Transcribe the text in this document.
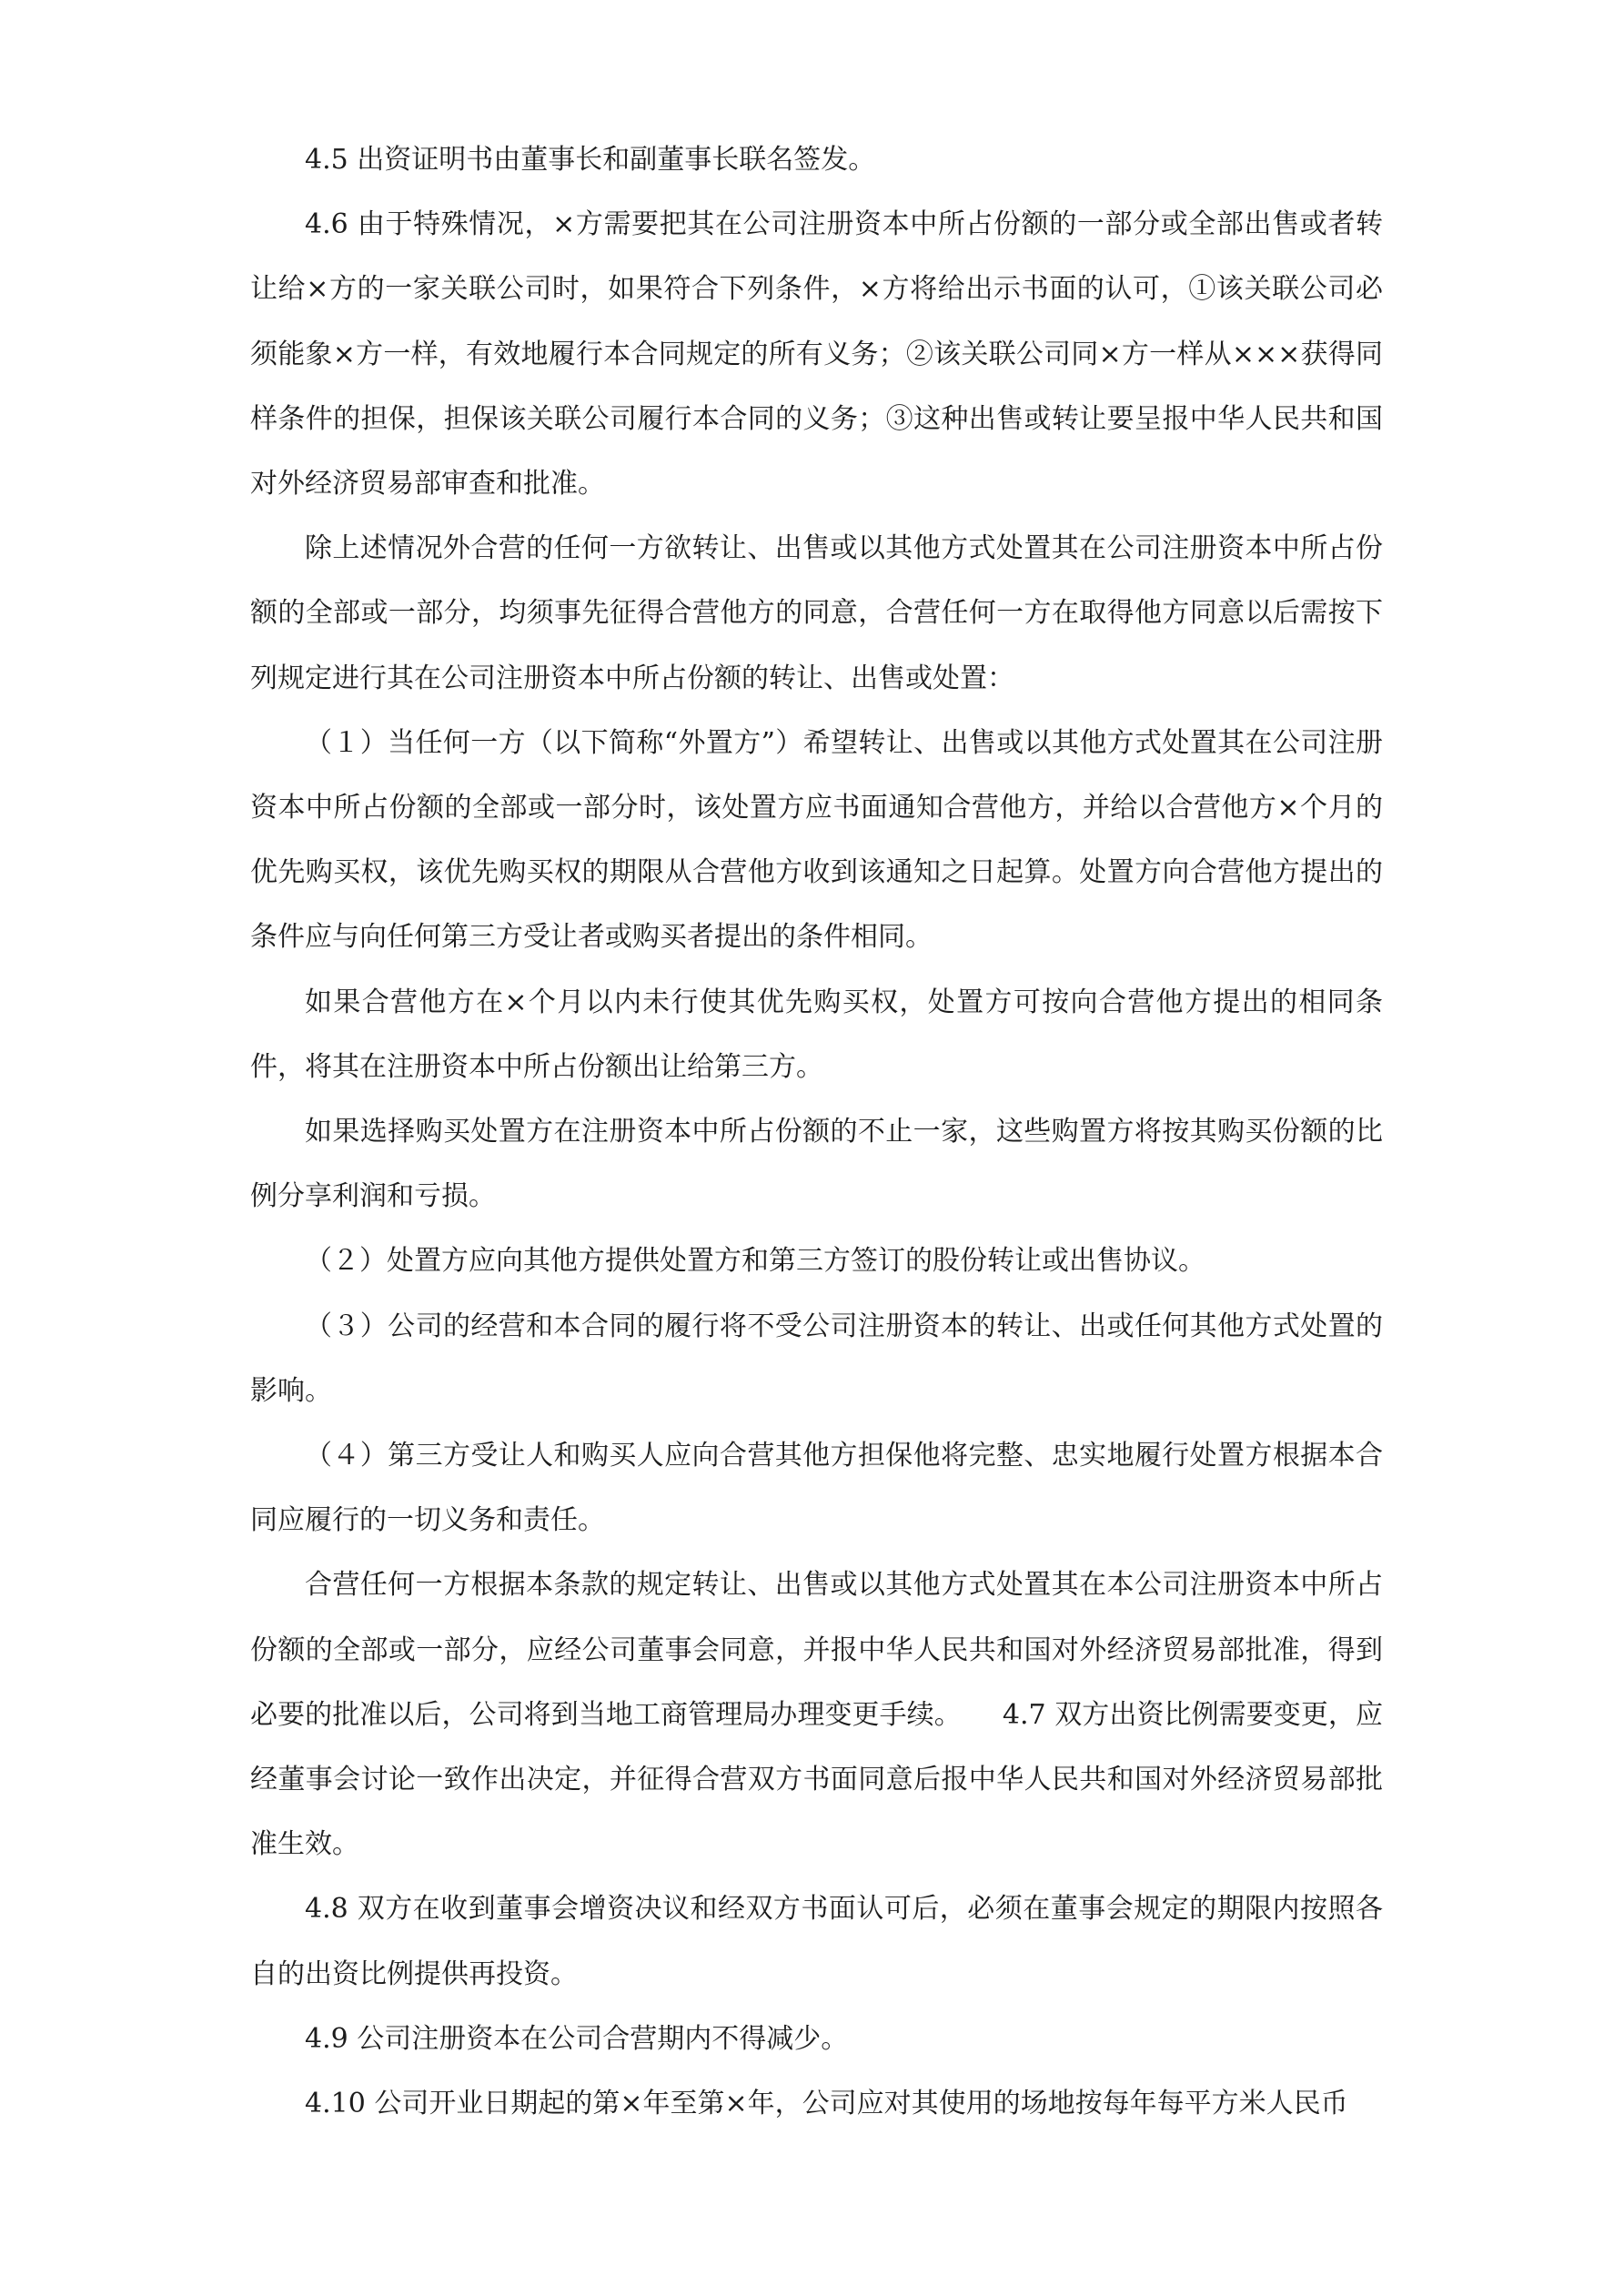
4.5 出资证明书由董事长和副董事长联名签发。

4.6 由于特殊情况，×方需要把其在公司注册资本中所占份额的一部分或全部出售或者转让给×方的一家关联公司时，如果符合下列条件，×方将给出示书面的认可，①该关联公司必须能象×方一样，有效地履行本合同规定的所有义务；②该关联公司同×方一样从×××获得同样条件的担保，担保该关联公司履行本合同的义务；③这种出售或转让要呈报中华人民共和国对外经济贸易部审查和批准。

除上述情况外合营的任何一方欲转让、出售或以其他方式处置其在公司注册资本中所占份额的全部或一部分，均须事先征得合营他方的同意，合营任何一方在取得他方同意以后需按下列规定进行其在公司注册资本中所占份额的转让、出售或处置：

（１）当任何一方（以下简称“外置方”）希望转让、出售或以其他方式处置其在公司注册资本中所占份额的全部或一部分时，该处置方应书面通知合营他方，并给以合营他方×个月的优先购买权，该优先购买权的期限从合营他方收到该通知之日起算。处置方向合营他方提出的条件应与向任何第三方受让者或购买者提出的条件相同。

如果合营他方在×个月以内未行使其优先购买权，处置方可按向合营他方提出的相同条件，将其在注册资本中所占份额出让给第三方。

如果选择购买处置方在注册资本中所占份额的不止一家，这些购置方将按其购买份额的比例分享利润和亏损。

（２）处置方应向其他方提供处置方和第三方签订的股份转让或出售协议。

（３）公司的经营和本合同的履行将不受公司注册资本的转让、出或任何其他方式处置的影响。

（４）第三方受让人和购买人应向合营其他方担保他将完整、忠实地履行处置方根据本合同应履行的一切义务和责任。

合营任何一方根据本条款的规定转让、出售或以其他方式处置其在本公司注册资本中所占份额的全部或一部分，应经公司董事会同意，并报中华人民共和国对外经济贸易部批准，得到必要的批准以后，公司将到当地工商管理局办理变更手续。　　4.7 双方出资比例需要变更，应经董事会讨论一致作出决定，并征得合营双方书面同意后报中华人民共和国对外经济贸易部批准生效。

4.8 双方在收到董事会增资决议和经双方书面认可后，必须在董事会规定的期限内按照各自的出资比例提供再投资。

4.9 公司注册资本在公司合营期内不得减少。

4.10 公司开业日期起的第×年至第×年，公司应对其使用的场地按每年每平方米人民币
